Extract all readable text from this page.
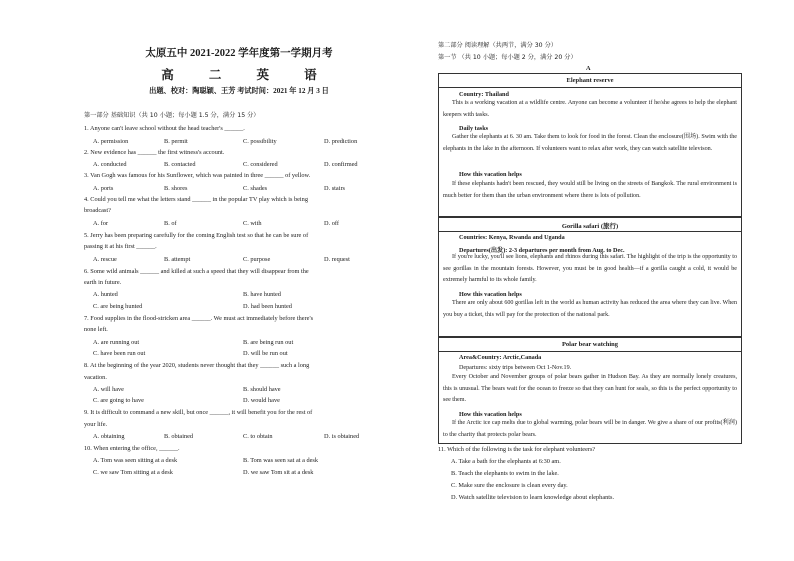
太原五中 2021-2022 学年度第一学期月考
高 二 英 语
出题、校对：陶聪颖、王芳 考试时间：2021 年 12 月 3 日
第一部分 基础知识（共 10 小题；每小题 1.5 分，满分 15 分）
1. Anyone can't leave school without the head teacher's ______.
A. permission	B. permit	C. possibility	D. prediction
2. New evidence has ______ the first witness's account.
A. conducted	B. contacted	C. considered	D. confirmed
3. Van Gogh was famous for his Sunflower, which was painted in three ______ of yellow.
A. ports	B. shores	C. shades	D. stairs
4. Could you tell me what the letters stand ______ in the popular TV play which is being
broadcast?
A. for	B. of	C. with	D. off
5. Jerry has been preparing carefully for the coming English test so that he can be sure of
passing it at his first ______.
A. rescue	B. attempt	C. purpose	D. request
6. Some wild animals ______ and killed at such a speed that they will disappear from the
earth in future.
A. hunted	B. have hunted
C. are being hunted	D. had been hunted
7. Food supplies in the flood-stricken area ______. We must act immediately before there's
none left.
A. are running out	B. are being run out
C. have been run out	D. will be run out
8. At the beginning of the year 2020, students never thought that they ______ such a long
vacation.
A. will have	B. should have
C. are going to have	D. would have
9. It is difficult to command a new skill, but once ______, it will benefit you for the rest of
your life.
A. obtaining	B. obtained	C. to obtain	D. is obtained
10. When entering the office, ______.
A. Tom was seen sitting at a desk	B. Tom was seen sat at a desk
C. we saw Tom sitting at a desk	D. we saw Tom sit at a desk
第二部分 阅读理解（共两节，满分 30 分）
第一节 （共 10 小题；每小题 2 分，满分 20 分）
A
Elephant reserve
Country: Thailand
This is a working vacation at a wildlife centre. Anyone can become a volunteer if he/she agrees to help the elephant keepers with tasks.
Daily tasks
Gather the elephants at 6. 30 am. Take them to look for food in the forest. Clean the enclosure(围场). Swim with the elephants in the lake in the afternoon. If volunteers want to relax after work, they can watch satellite televison.
How this vacation helps
If these elephants hadn't been rescued, they would still be living on the streets of Bangkok. The rural environment is much better for them than the urban environment where there is lots of pollution.
Gorilla safari (旅行)
Countries: Kenya, Rwanda and Uganda
Departures(出发): 2-3 departures per month from Aug. to Dec.
If you're lucky, you'll see lions, elephants and rhinos during this safari. The highlight of the trip is the opportunity to see gorillas in the mountain forests. However, you must be in good health—if a gorilla caught a cold, it would be extremely harmful to its whole family.
How this vacation helps
There are only about 600 gorillas left in the world as human activity has reduced the area where they can live. When you buy a ticket, this will pay for the protection of the national park.
Polar bear watching
Area&Country: Arctic,Canada
Departures: sixty trips between Oct 1-Nov.19.
Every October and November groups of polar bears gather in Hudson Bay. As they are normally lonely creatures, this is unusual. The bears wait for the ocean to freeze so that they can hunt for seals, so this is the perfect opportunity to see them.
How this vacation helps
If the Arctic ice cap melts due to global warming, polar bears will be in danger. We give a share of our profits(利润) to the charity that protects polar bears.
11. Which of the following is the task for elephant volunteers?
A. Take a bath for the elephants at 6:30 am.
B. Teach the elephants to swim in the lake.
C. Make sure the enclosure is clean every day.
D. Watch satellite television to learn knowledge about elephants.
